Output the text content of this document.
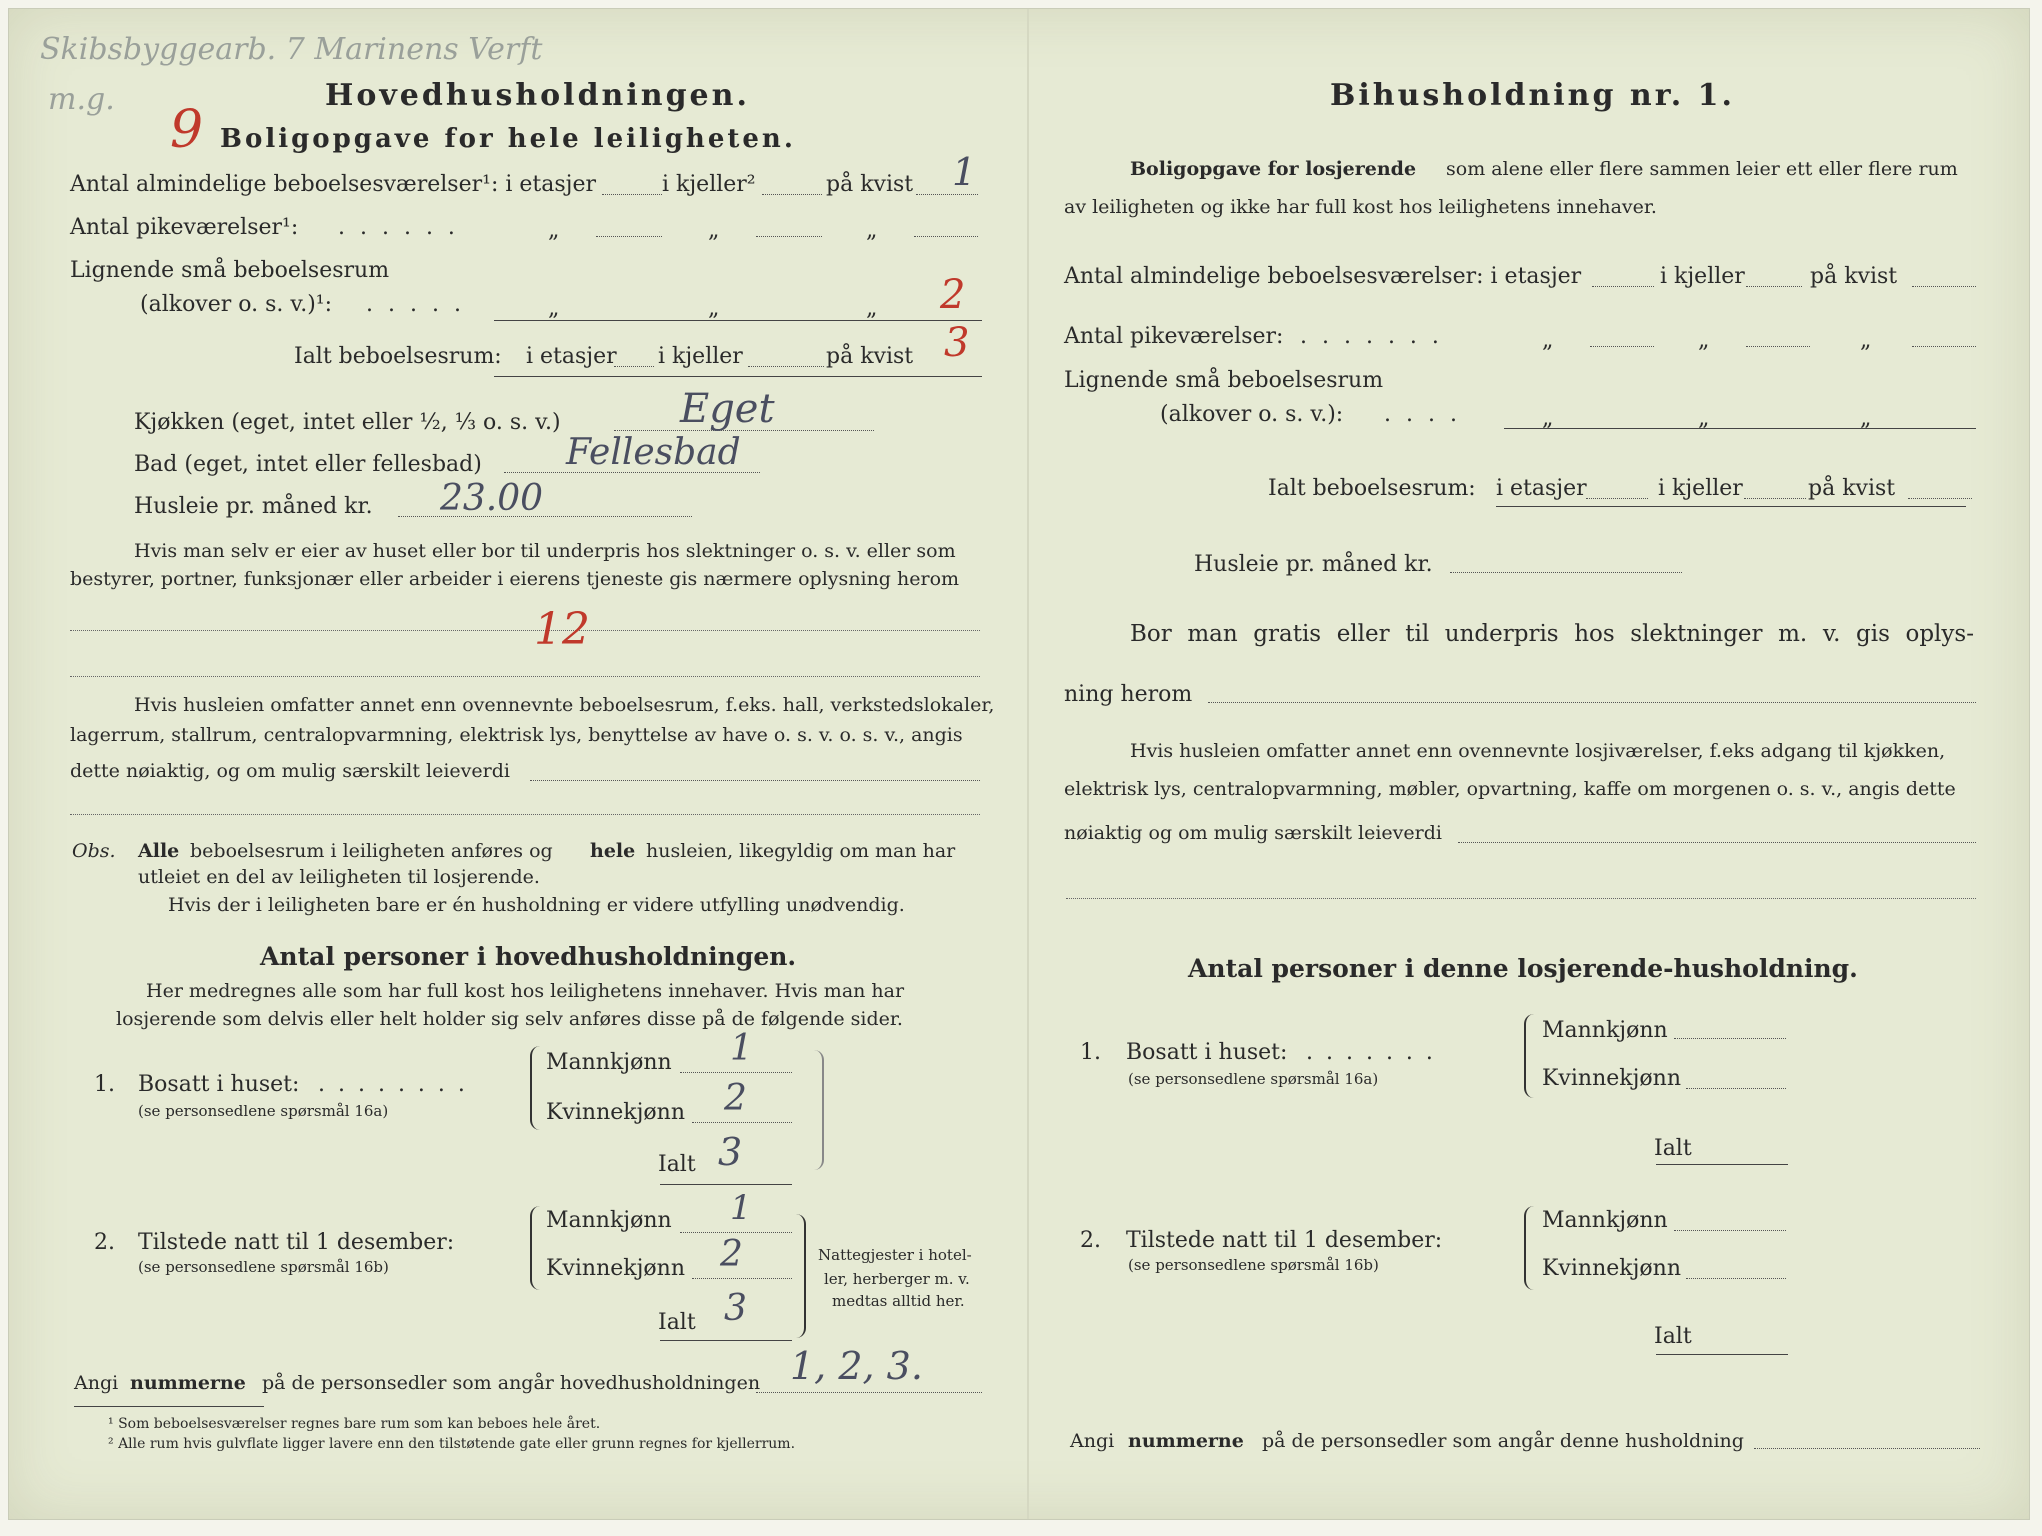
Skibsbyggearb. 7 Marinens Verft
m.g.
9
Hovedhusholdningen.
Boligopgave for hele leiligheten.
Antal almindelige beboelsesværelser¹: i etasjer	i kjeller²	på kvist 1
Antal pikeværelser¹: . . . . . .	„	„	„
Lignende små beboelsesrum
(alkover o. s. v.)¹: . . . . .	„	„	„ 2
Ialt beboelsesrum: i etasjer i kjeller	på kvist 3
Kjøkken (eget, intet eller ½, ⅓ o. s. v.)	Eget
Bad (eget, intet eller fellesbad) Fellesbad
Husleie pr. måned kr. 23.00
Hvis man selv er eier av huset eller bor til underpris hos slektninger o. s. v. eller som
bestyrer, portner, funksjonær eller arbeider i eierens tjeneste gis nærmere oplysning herom
12
Hvis husleien omfatter annet enn ovennevnte beboelsesrum, f.eks. hall, verkstedslokaler,
lagerrum, stallrum, centralopvarmning, elektrisk lys, benyttelse av have o. s. v. o. s. v., angis
dette nøiaktig, og om mulig særskilt leieverdi
Obs. Alle beboelsesrum i leiligheten anføres og hele husleien, likegyldig om man har
utleiet en del av leiligheten til losjerende.
Hvis der i leiligheten bare er én husholdning er videre utfylling unødvendig.
Antal personer i hovedhusholdningen.
Her medregnes alle som har full kost hos leilighetens innehaver. Hvis man har
losjerende som delvis eller helt holder sig selv anføres disse på de følgende sider.
1. Bosatt i huset: . . . . . . . .
(se personsedlene spørsmål 16a)
Mannkjønn 1
Kvinnekjønn 2
Ialt 3
2. Tilstede natt til 1 desember:
(se personsedlene spørsmål 16b)
Mannkjønn 1
Kvinnekjønn 2
Ialt 3
Nattegjester i hotel-
ler, herberger m. v.
medtas alltid her.
Angi nummerne på de personsedler som angår hovedhusholdningen 1, 2, 3.
¹ Som beboelsesværelser regnes bare rum som kan beboes hele året.
² Alle rum hvis gulvflate ligger lavere enn den tilstøtende gate eller grunn regnes for kjellerrum.
Bihusholdning nr. 1.
Boligopgave for losjerende som alene eller flere sammen leier ett eller flere rum
av leiligheten og ikke har full kost hos leilighetens innehaver.
Antal almindelige beboelsesværelser: i etasjer	i kjeller	på kvist
Antal pikeværelser: . . . . . . .	„	„	„
Lignende små beboelsesrum
(alkover o. s. v.): . . . .	„	„	„
Ialt beboelsesrum: i etasjer	i kjeller	på kvist
Husleie pr. måned kr.
Bor man gratis eller til underpris hos slektninger m. v. gis oplys-
ning herom
Hvis husleien omfatter annet enn ovennevnte losjiværelser, f.eks adgang til kjøkken,
elektrisk lys, centralopvarmning, møbler, opvartning, kaffe om morgenen o. s. v., angis dette
nøiaktig og om mulig særskilt leieverdi
Antal personer i denne losjerende-husholdning.
1. Bosatt i huset: . . . . . . .
(se personsedlene spørsmål 16a)
Mannkjønn
Kvinnekjønn
Ialt
2. Tilstede natt til 1 desember:
(se personsedlene spørsmål 16b)
Mannkjønn
Kvinnekjønn
Ialt
Angi nummerne på de personsedler som angår denne husholdning
